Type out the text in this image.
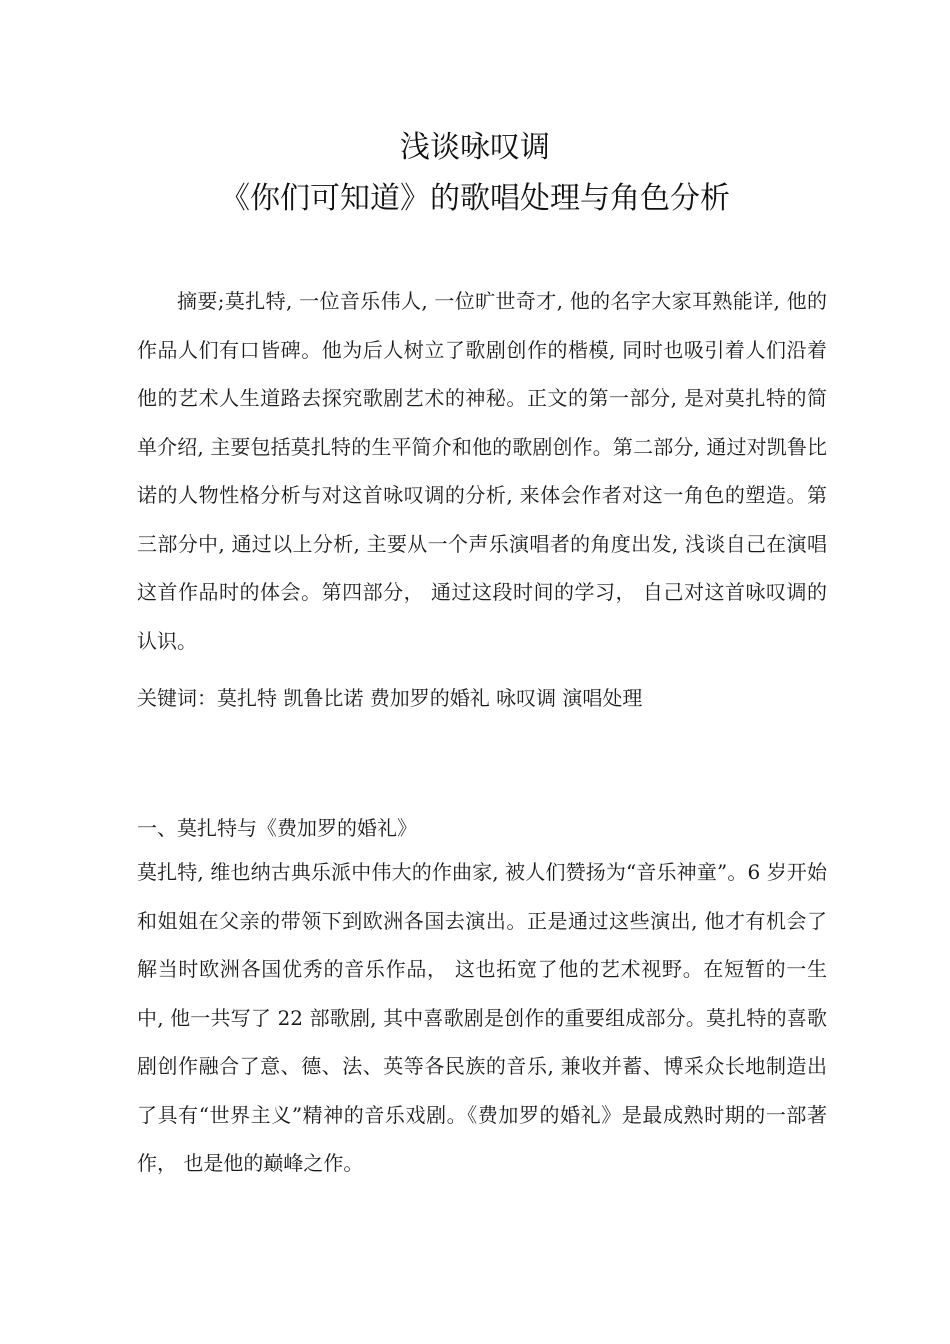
浅谈咏叹调
《你们可知道》的歌唱处理与角色分析
摘要;莫扎特, 一位音乐伟人, 一位旷世奇才, 他的名字大家耳熟能详, 他的作品人们有口皆碑。他为后人树立了歌剧创作的楷模, 同时也吸引着人们沿着他的艺术人生道路去探究歌剧艺术的神秘。正文的第一部分, 是对莫扎特的简单介绍, 主要包括莫扎特的生平简介和他的歌剧创作。第二部分, 通过对凯鲁比诺的人物性格分析与对这首咏叹调的分析, 来体会作者对这一角色的塑造。第三部分中, 通过以上分析, 主要从一个声乐演唱者的角度出发, 浅谈自己在演唱这首作品时的体会。第四部分， 通过这段时间的学习， 自己对这首咏叹调的认识。
关键词：莫扎特 凯鲁比诺 费加罗的婚礼 咏叹调 演唱处理
一、莫扎特与《费加罗的婚礼》
莫扎特, 维也纳古典乐派中伟大的作曲家, 被人们赞扬为“音乐神童”。6 岁开始和姐姐在父亲的带领下到欧洲各国去演出。正是通过这些演出, 他才有机会了解当时欧洲各国优秀的音乐作品， 这也拓宽了他的艺术视野。在短暂的一生中, 他一共写了 22 部歌剧, 其中喜歌剧是创作的重要组成部分。莫扎特的喜歌剧创作融合了意、德、法、英等各民族的音乐, 兼收并蓄、博采众长地制造出了具有“世界主义”精神的音乐戏剧。《费加罗的婚礼》是最成熟时期的一部著作， 也是他的巅峰之作。
